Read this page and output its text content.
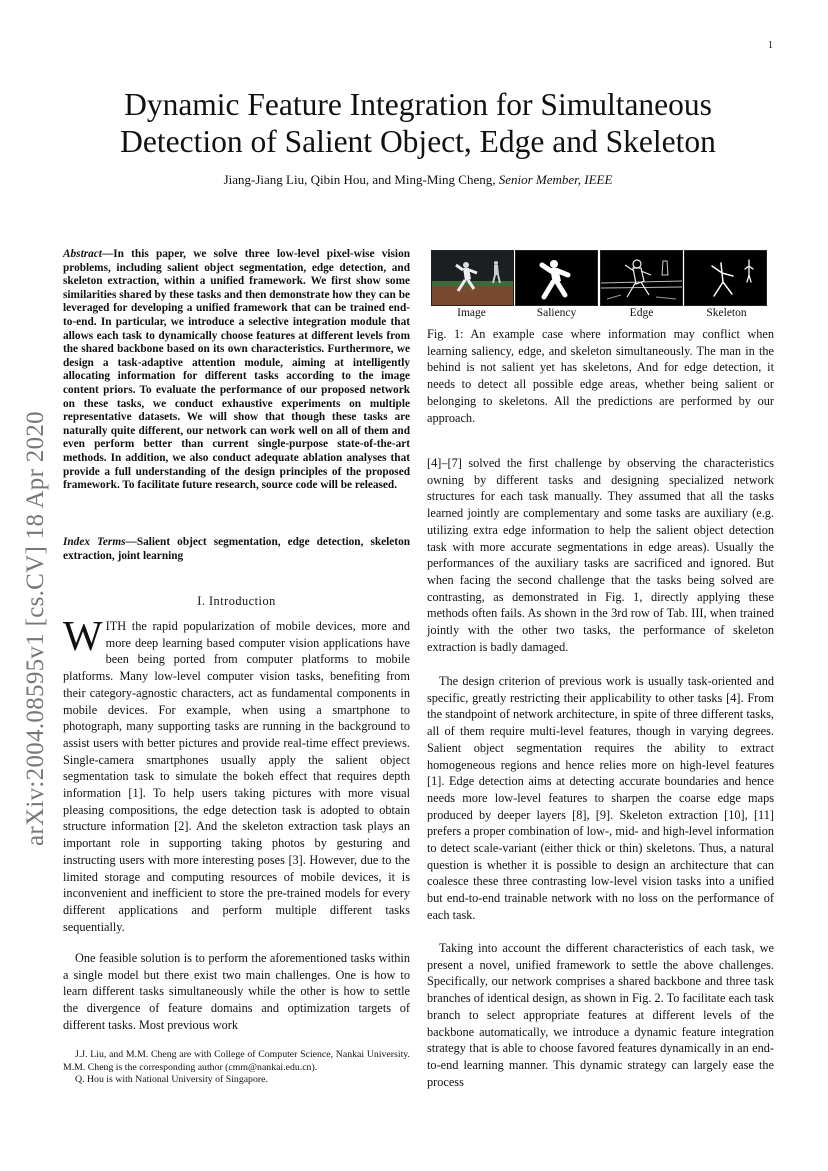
1
Dynamic Feature Integration for Simultaneous
Detection of Salient Object, Edge and Skeleton
Jiang-Jiang Liu, Qibin Hou, and Ming-Ming Cheng, Senior Member, IEEE
arXiv:2004.08595v1 [cs.CV] 18 Apr 2020
Abstract—In this paper, we solve three low-level pixel-wise vision problems, including salient object segmentation, edge detection, and skeleton extraction, within a unified framework. We first show some similarities shared by these tasks and then demonstrate how they can be leveraged for developing a unified framework that can be trained end-to-end. In particular, we introduce a selective integration module that allows each task to dynamically choose features at different levels from the shared backbone based on its own characteristics. Furthermore, we design a task-adaptive attention module, aiming at intelligently allocating information for different tasks according to the image content priors. To evaluate the performance of our proposed network on these tasks, we conduct exhaustive experiments on multiple representative datasets. We will show that though these tasks are naturally quite different, our network can work well on all of them and even perform better than current single-purpose state-of-the-art methods. In addition, we also conduct adequate ablation analyses that provide a full understanding of the design principles of the proposed framework. To facilitate future research, source code will be released.
Index Terms—Salient object segmentation, edge detection, skeleton extraction, joint learning
I. Introduction
WITH the rapid popularization of mobile devices, more and more deep learning based computer vision applications have been being ported from computer platforms to mobile platforms. Many low-level computer vision tasks, benefiting from their category-agnostic characters, act as fundamental components in mobile devices. For example, when using a smartphone to photograph, many supporting tasks are running in the background to assist users with better pictures and provide real-time effect previews. Single-camera smartphones usually apply the salient object segmentation task to simulate the bokeh effect that requires depth information [1]. To help users taking pictures with more visual pleasing compositions, the edge detection task is adopted to obtain structure information [2]. And the skeleton extraction task plays an important role in supporting taking photos by gesturing and instructing users with more interesting poses [3]. However, due to the limited storage and computing resources of mobile devices, it is inconvenient and inefficient to store the pre-trained models for every different applications and perform multiple different tasks sequentially.
One feasible solution is to perform the aforementioned tasks within a single model but there exist two main challenges. One is how to learn different tasks simultaneously while the other is how to settle the divergence of feature domains and optimization targets of different tasks. Most previous work

J.J. Liu, and M.M. Cheng are with College of Computer Science, Nankai University. M.M. Cheng is the corresponding author (cmm@nankai.edu.cn).

Q. Hou is with National University of Singapore.

Image	Saliency	Edge	Skeleton
Fig. 1: An example case where information may conflict when learning saliency, edge, and skeleton simultaneously. The man in the behind is not salient yet has skeletons, And for edge detection, it needs to detect all possible edge areas, whether being salient or belonging to skeletons. All the predictions are performed by our approach.
[4]–[7] solved the first challenge by observing the characteristics owning by different tasks and designing specialized network structures for each task manually. They assumed that all the tasks learned jointly are complementary and some tasks are auxiliary (e.g. utilizing extra edge information to help the salient object detection task with more accurate segmentations in edge areas). Usually the performances of the auxiliary tasks are sacrificed and ignored. But when facing the second challenge that the tasks being solved are contrasting, as demonstrated in Fig. 1, directly applying these methods often fails. As shown in the 3rd row of Tab. III, when trained jointly with the other two tasks, the performance of skeleton extraction is badly damaged.
The design criterion of previous work is usually task-oriented and specific, greatly restricting their applicability to other tasks [4]. From the standpoint of network architecture, in spite of three different tasks, all of them require multi-level features, though in varying degrees. Salient object segmentation requires the ability to extract homogeneous regions and hence relies more on high-level features [1]. Edge detection aims at detecting accurate boundaries and hence needs more low-level features to sharpen the coarse edge maps produced by deeper layers [8], [9]. Skeleton extraction [10], [11] prefers a proper combination of low-, mid- and high-level information to detect scale-variant (either thick or thin) skeletons. Thus, a natural question is whether it is possible to design an architecture that can coalesce these three contrasting low-level vision tasks into a unified but end-to-end trainable network with no loss on the performance of each task.
Taking into account the different characteristics of each task, we present a novel, unified framework to settle the above challenges. Specifically, our network comprises a shared backbone and three task branches of identical design, as shown in Fig. 2. To facilitate each task branch to select appropriate features at different levels of the backbone automatically, we introduce a dynamic feature integration strategy that is able to choose favored features dynamically in an end-to-end learning manner. This dynamic strategy can largely ease the process
